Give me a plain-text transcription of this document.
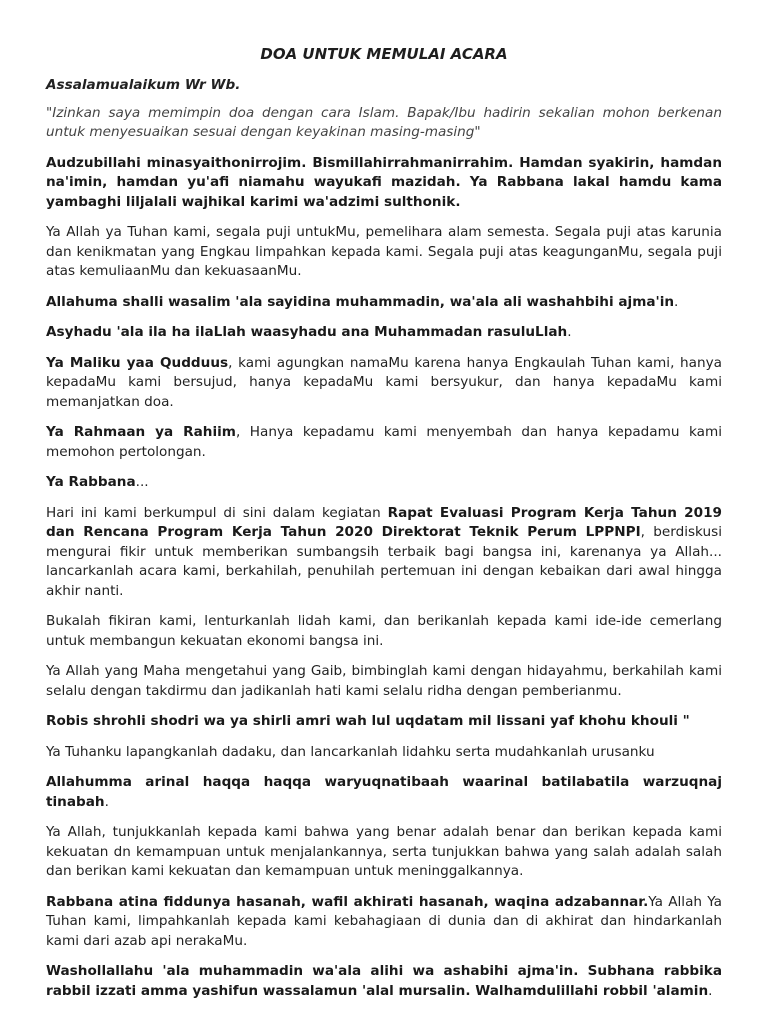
DOA UNTUK MEMULAI ACARA

Assalamualaikum Wr Wb.

"Izinkan saya memimpin doa dengan cara Islam. Bapak/Ibu hadirin sekalian mohon berkenan untuk menyesuaikan sesuai dengan keyakinan masing-masing"

Audzubillahi minasyaithonirrojim. Bismillahirrahmanirrahim. Hamdan syakirin, hamdan na'imin, hamdan yu'afi niamahu wayukafi mazidah. Ya Rabbana lakal hamdu kama yambaghi liljalali wajhikal karimi wa'adzimi sulthonik.

Ya Allah ya Tuhan kami, segala puji untukMu, pemelihara alam semesta. Segala puji atas karunia dan kenikmatan yang Engkau limpahkan kepada kami. Segala puji atas keagunganMu, segala puji atas kemuliaanMu dan kekuasaanMu.

Allahuma shalli wasalim 'ala sayidina muhammadin, wa'ala ali washahbihi ajma'in.

Asyhadu 'ala ila ha ilaLlah waasyhadu ana Muhammadan rasuluLlah.

Ya Maliku yaa Qudduus, kami agungkan namaMu karena hanya Engkaulah Tuhan kami, hanya kepadaMu kami bersujud, hanya kepadaMu kami bersyukur, dan hanya kepadaMu kami memanjatkan doa.

Ya Rahmaan ya Rahiim, Hanya kepadamu kami menyembah dan hanya kepadamu kami memohon pertolongan.

Ya Rabbana...

Hari ini kami berkumpul di sini dalam kegiatan Rapat Evaluasi Program Kerja Tahun 2019 dan Rencana Program Kerja Tahun 2020 Direktorat Teknik Perum LPPNPI, berdiskusi mengurai fikir untuk memberikan sumbangsih terbaik bagi bangsa ini, karenanya ya Allah... lancarkanlah acara kami, berkahilah, penuhilah pertemuan ini dengan kebaikan dari awal hingga akhir nanti.

Bukalah fikiran kami, lenturkanlah lidah kami, dan berikanlah kepada kami ide-ide cemerlang untuk membangun kekuatan ekonomi bangsa ini.

Ya Allah yang Maha mengetahui yang Gaib, bimbinglah kami dengan hidayahmu, berkahilah kami selalu dengan takdirmu dan jadikanlah hati kami selalu ridha dengan pemberianmu.

Robis shrohli shodri wa ya shirli amri wah lul uqdatam mil lissani yaf khohu khouli "

Ya Tuhanku lapangkanlah dadaku, dan lancarkanlah lidahku serta mudahkanlah urusanku

Allahumma arinal haqqa haqqa waryuqnatibaah waarinal batilabatila warzuqnaj tinabah.

Ya Allah, tunjukkanlah kepada kami bahwa yang benar adalah benar dan berikan kepada kami kekuatan dn kemampuan untuk menjalankannya, serta tunjukkan bahwa yang salah adalah salah dan berikan kami kekuatan dan kemampuan untuk meninggalkannya.

Rabbana atina fiddunya hasanah, wafil akhirati hasanah, waqina adzabannar.Ya Allah Ya Tuhan kami, limpahkanlah kepada kami kebahagiaan di dunia dan di akhirat dan hindarkanlah kami dari azab api nerakaMu.

Washollallahu 'ala muhammadin wa'ala alihi wa ashabihi ajma'in. Subhana rabbika rabbil izzati amma yashifun wassalamun 'alal mursalin. Walhamdulillahi robbil 'alamin.
